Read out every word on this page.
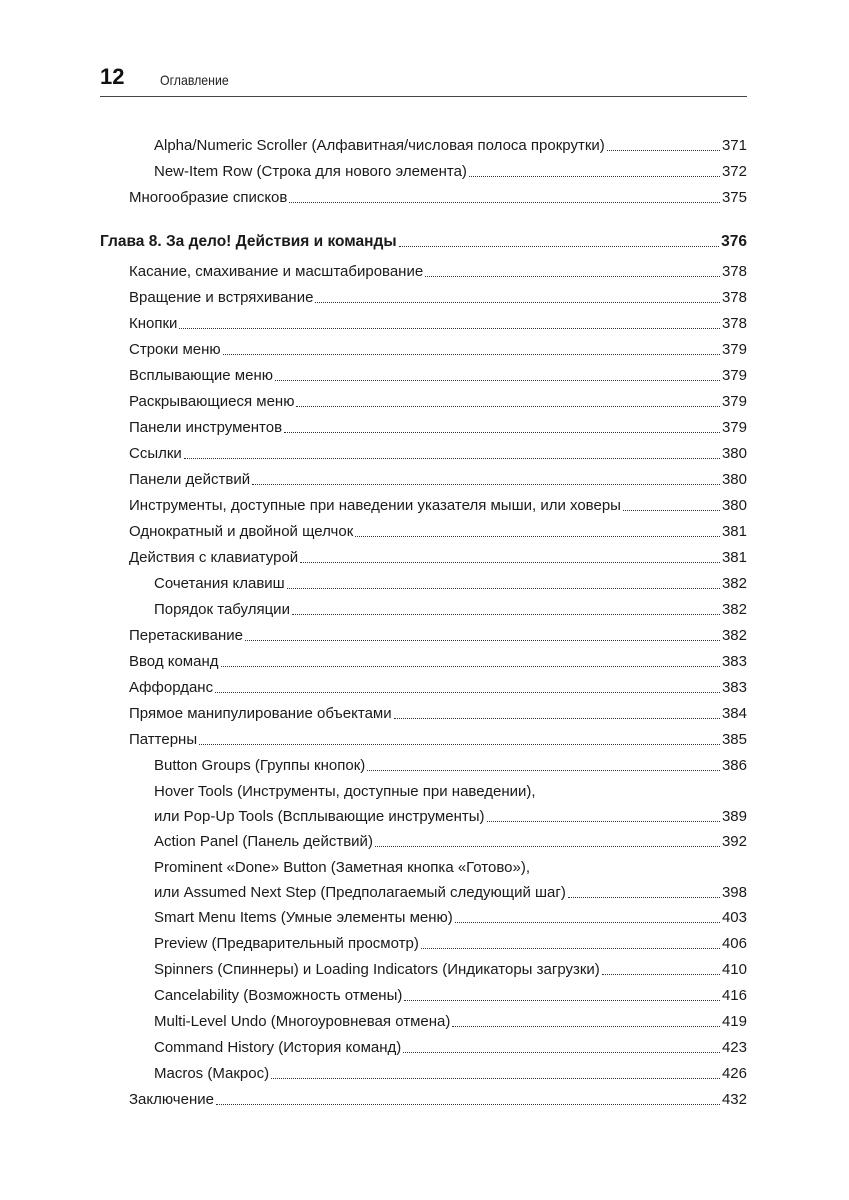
12	Оглавление
Alpha/Numeric Scroller (Алфавитная/числовая полоса прокрутки)	371
New-Item Row (Строка для нового элемента)	372
Многообразие списков	375
Глава 8. За дело! Действия и команды	376
Касание, смахивание и масштабирование	378
Вращение и встряхивание	378
Кнопки	378
Строки меню	379
Всплывающие меню	379
Раскрывающиеся меню	379
Панели инструментов	379
Ссылки	380
Панели действий	380
Инструменты, доступные при наведении указателя мыши, или ховеры	380
Однократный и двойной щелчок	381
Действия с клавиатурой	381
Сочетания клавиш	382
Порядок табуляции	382
Перетаскивание	382
Ввод команд	383
Аффорданс	383
Прямое манипулирование объектами	384
Паттерны	385
Button Groups (Группы кнопок)	386
Hover Tools (Инструменты, доступные при наведении),
или Pop-Up Tools (Всплывающие инструменты)	389
Action Panel (Панель действий)	392
Prominent «Done» Button (Заметная кнопка «Готово»),
или Assumed Next Step (Предполагаемый следующий шаг)	398
Smart Menu Items (Умные элементы меню)	403
Preview (Предварительный просмотр)	406
Spinners (Спиннеры) и Loading Indicators (Индикаторы загрузки)	410
Cancelability (Возможность отмены)	416
Multi-Level Undo (Многоуровневая отмена)	419
Command History (История команд)	423
Macros (Макрос)	426
Заключение	432
